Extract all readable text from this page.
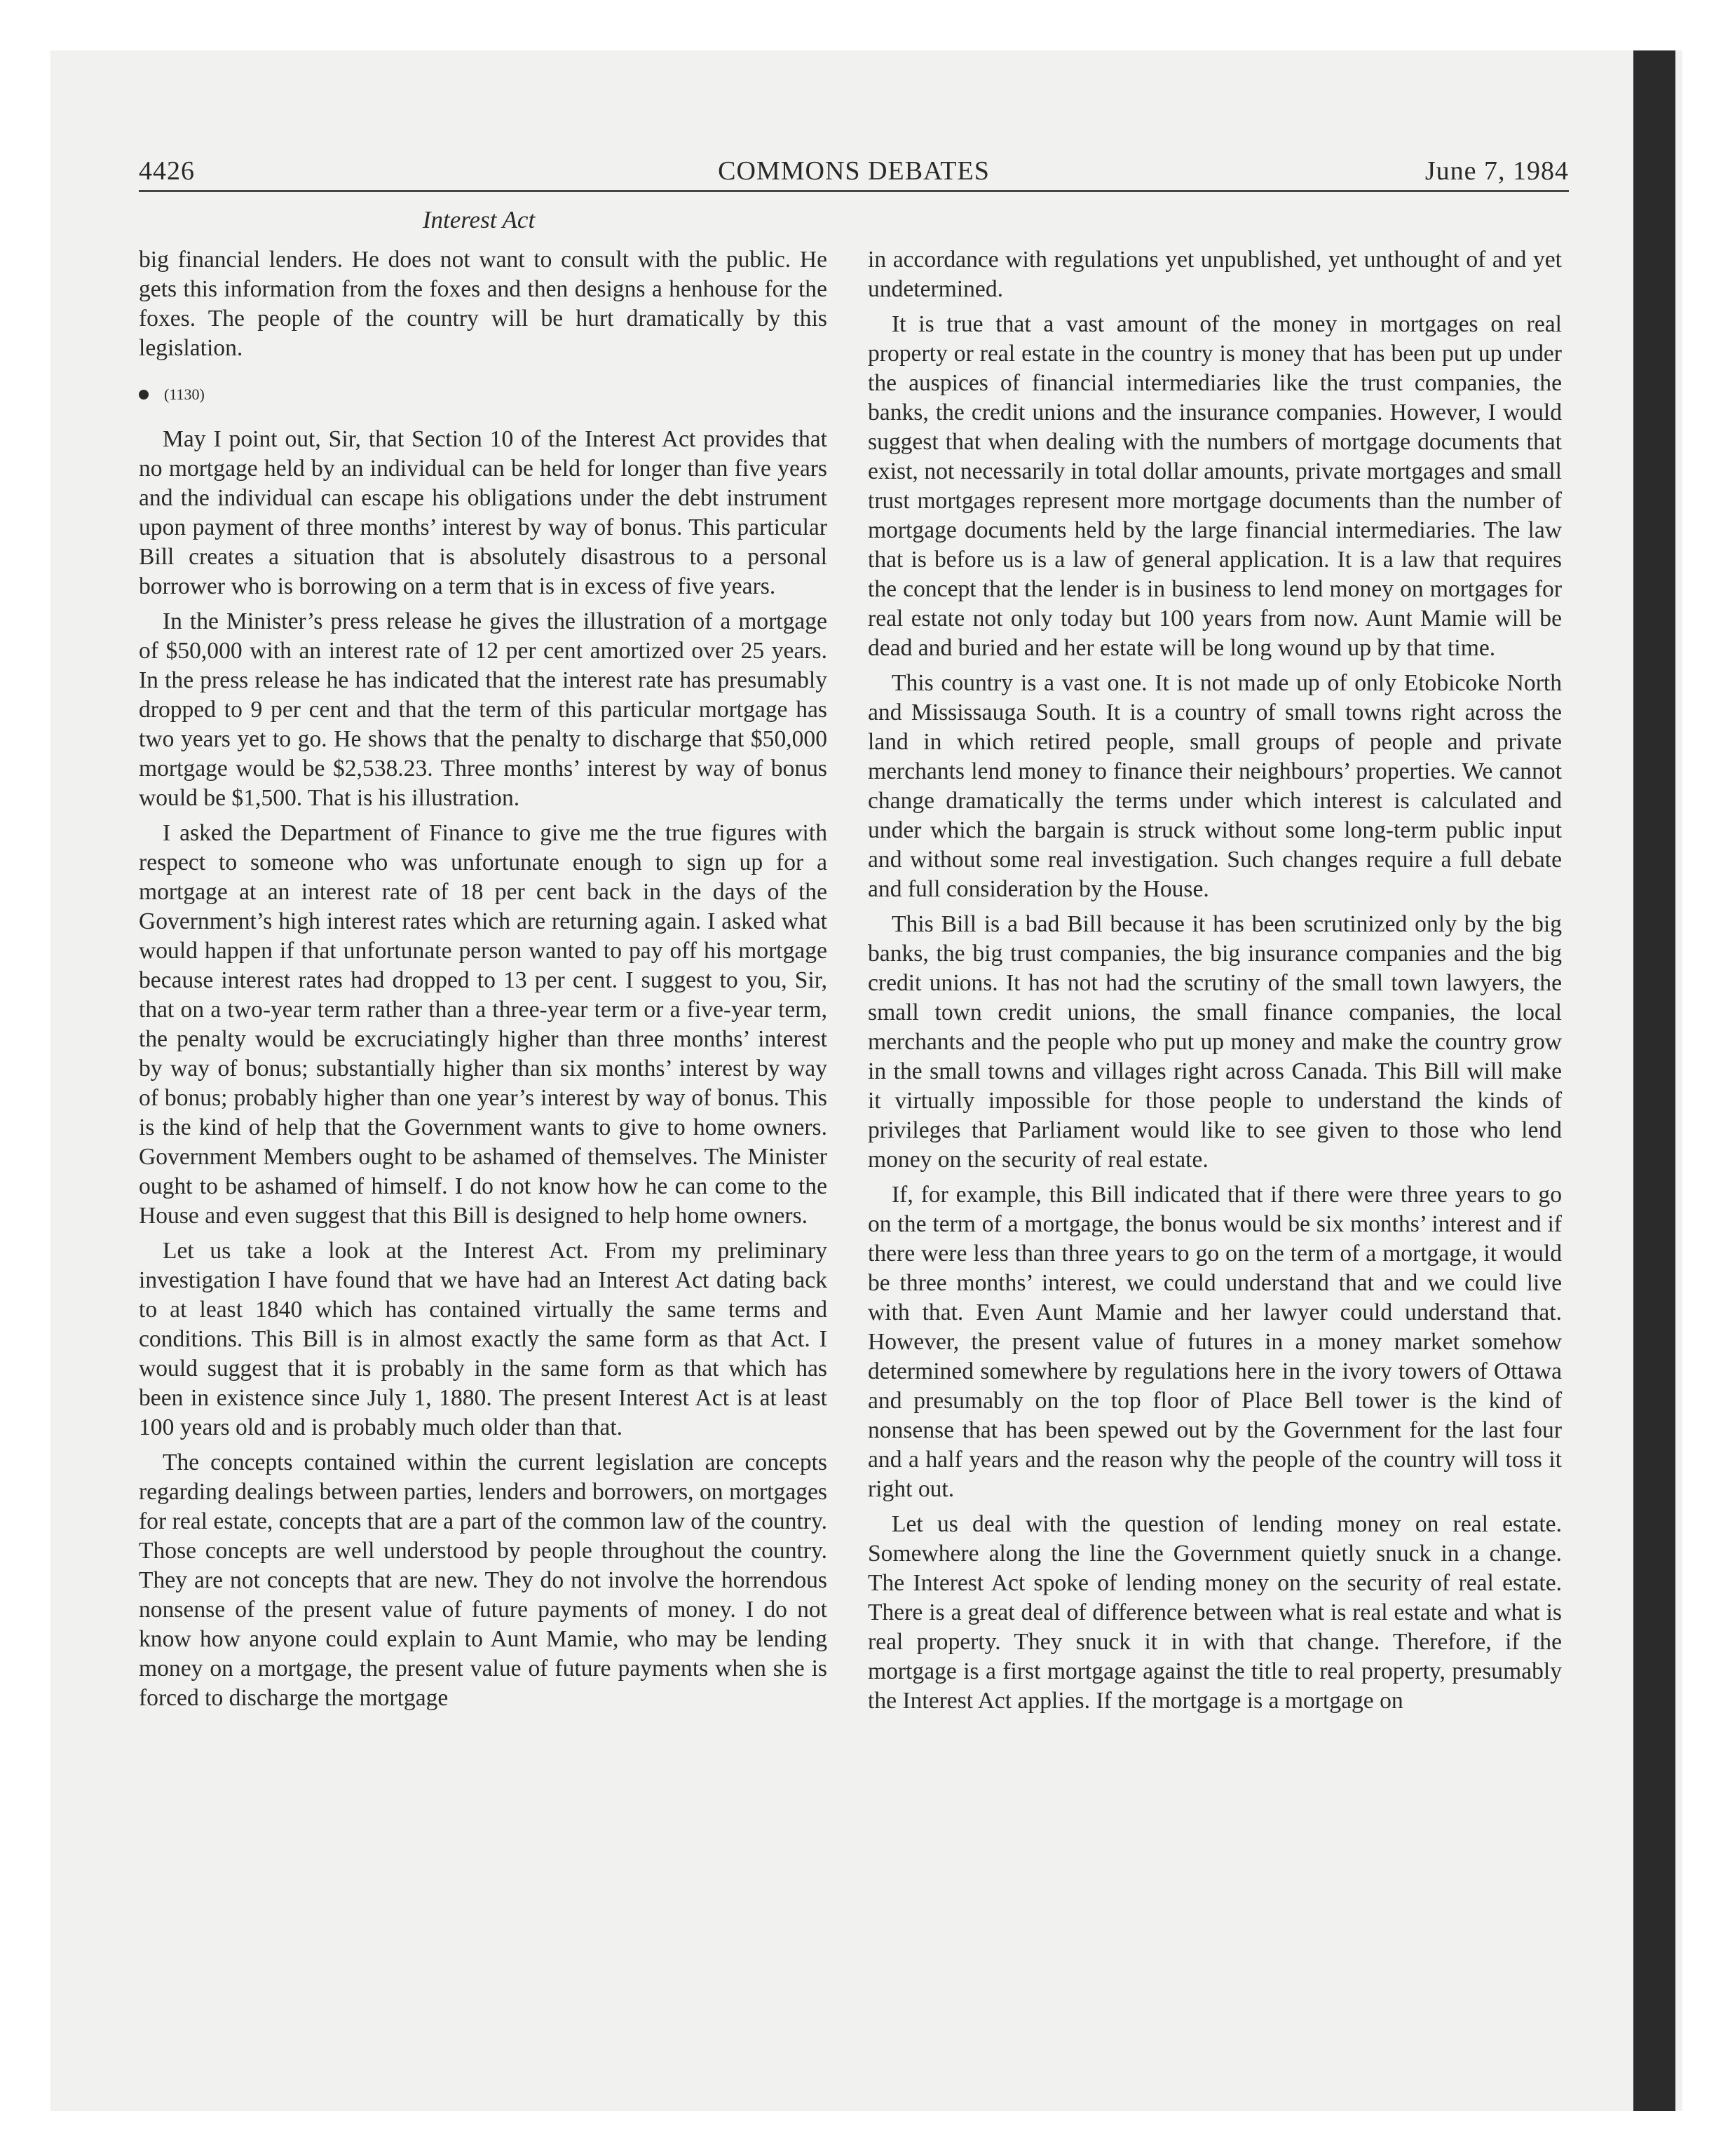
4426	COMMONS DEBATES	June 7, 1984
Interest Act

big financial lenders. He does not want to consult with the public. He gets this information from the foxes and then designs a henhouse for the foxes. The people of the country will be hurt dramatically by this legislation.

(1130)

May I point out, Sir, that Section 10 of the Interest Act provides that no mortgage held by an individual can be held for longer than five years and the individual can escape his obligations under the debt instrument upon payment of three months’ interest by way of bonus. This particular Bill creates a situation that is absolutely disastrous to a personal borrower who is borrowing on a term that is in excess of five years.

In the Minister’s press release he gives the illustration of a mortgage of $50,000 with an interest rate of 12 per cent amortized over 25 years. In the press release he has indicated that the interest rate has presumably dropped to 9 per cent and that the term of this particular mortgage has two years yet to go. He shows that the penalty to discharge that $50,000 mortgage would be $2,538.23. Three months’ interest by way of bonus would be $1,500. That is his illustration.

I asked the Department of Finance to give me the true figures with respect to someone who was unfortunate enough to sign up for a mortgage at an interest rate of 18 per cent back in the days of the Government’s high interest rates which are returning again. I asked what would happen if that unfortunate person wanted to pay off his mortgage because interest rates had dropped to 13 per cent. I suggest to you, Sir, that on a two-year term rather than a three-year term or a five-year term, the penalty would be excruciatingly higher than three months’ interest by way of bonus; substantially higher than six months’ interest by way of bonus; probably higher than one year’s interest by way of bonus. This is the kind of help that the Government wants to give to home owners. Government Members ought to be ashamed of themselves. The Minister ought to be ashamed of himself. I do not know how he can come to the House and even suggest that this Bill is designed to help home owners.

Let us take a look at the Interest Act. From my preliminary investigation I have found that we have had an Interest Act dating back to at least 1840 which has contained virtually the same terms and conditions. This Bill is in almost exactly the same form as that Act. I would suggest that it is probably in the same form as that which has been in existence since July 1, 1880. The present Interest Act is at least 100 years old and is probably much older than that.

The concepts contained within the current legislation are concepts regarding dealings between parties, lenders and borrowers, on mortgages for real estate, concepts that are a part of the common law of the country. Those concepts are well understood by people throughout the country. They are not concepts that are new. They do not involve the horrendous nonsense of the present value of future payments of money. I do not know how anyone could explain to Aunt Mamie, who may be lending money on a mortgage, the present value of future payments when she is forced to discharge the mortgage

in accordance with regulations yet unpublished, yet unthought of and yet undetermined.

It is true that a vast amount of the money in mortgages on real property or real estate in the country is money that has been put up under the auspices of financial intermediaries like the trust companies, the banks, the credit unions and the insurance companies. However, I would suggest that when dealing with the numbers of mortgage documents that exist, not necessarily in total dollar amounts, private mortgages and small trust mortgages represent more mortgage documents than the number of mortgage documents held by the large financial intermediaries. The law that is before us is a law of general application. It is a law that requires the concept that the lender is in business to lend money on mortgages for real estate not only today but 100 years from now. Aunt Mamie will be dead and buried and her estate will be long wound up by that time.

This country is a vast one. It is not made up of only Etobicoke North and Mississauga South. It is a country of small towns right across the land in which retired people, small groups of people and private merchants lend money to finance their neighbours’ properties. We cannot change dramatically the terms under which interest is calculated and under which the bargain is struck without some long-term public input and without some real investigation. Such changes require a full debate and full consideration by the House.

This Bill is a bad Bill because it has been scrutinized only by the big banks, the big trust companies, the big insurance companies and the big credit unions. It has not had the scrutiny of the small town lawyers, the small town credit unions, the small finance companies, the local merchants and the people who put up money and make the country grow in the small towns and villages right across Canada. This Bill will make it virtually impossible for those people to understand the kinds of privileges that Parliament would like to see given to those who lend money on the security of real estate.

If, for example, this Bill indicated that if there were three years to go on the term of a mortgage, the bonus would be six months’ interest and if there were less than three years to go on the term of a mortgage, it would be three months’ interest, we could understand that and we could live with that. Even Aunt Mamie and her lawyer could understand that. However, the present value of futures in a money market somehow determined somewhere by regulations here in the ivory towers of Ottawa and presumably on the top floor of Place Bell tower is the kind of nonsense that has been spewed out by the Government for the last four and a half years and the reason why the people of the country will toss it right out.

Let us deal with the question of lending money on real estate. Somewhere along the line the Government quietly snuck in a change. The Interest Act spoke of lending money on the security of real estate. There is a great deal of difference between what is real estate and what is real property. They snuck it in with that change. Therefore, if the mortgage is a first mortgage against the title to real property, presumably the Interest Act applies. If the mortgage is a mortgage on
